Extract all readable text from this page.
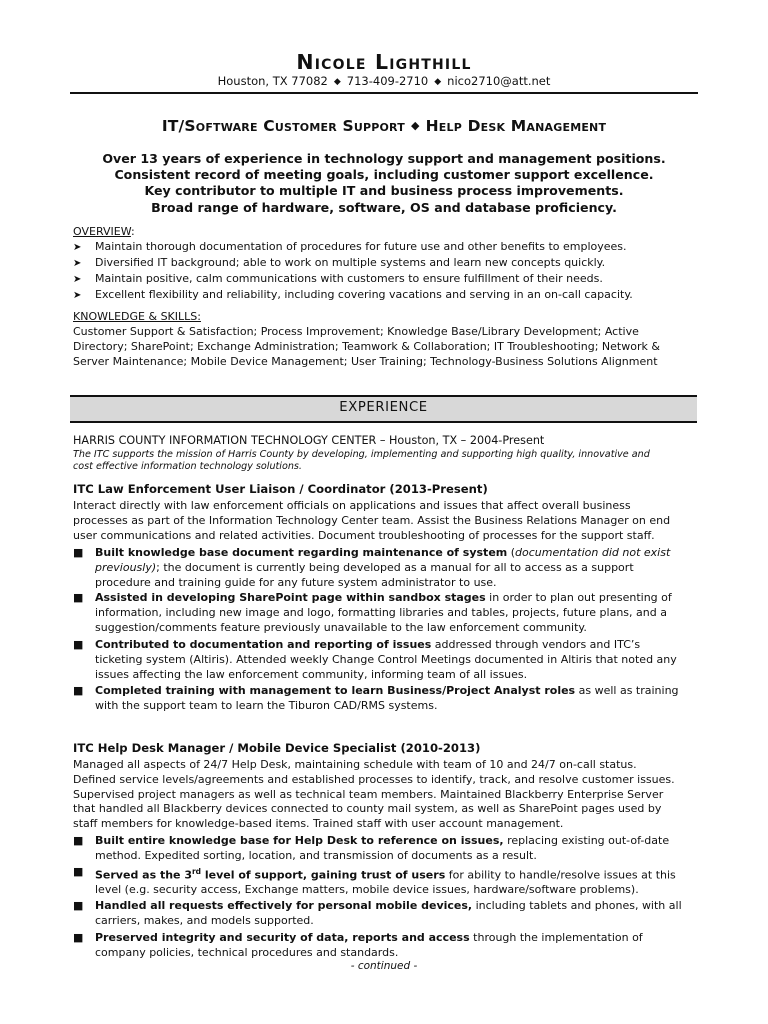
Nicole Lighthill
Houston, TX 77082 ◆ 713-409-2710 ◆ nico2710@att.net
IT/Software Customer Support ◆ Help Desk Management
Over 13 years of experience in technology support and management positions.
Consistent record of meeting goals, including customer support excellence.
Key contributor to multiple IT and business process improvements.
Broad range of hardware, software, OS and database proficiency.
OVERVIEW:
➤ Maintain thorough documentation of procedures for future use and other benefits to employees.
➤ Diversified IT background; able to work on multiple systems and learn new concepts quickly.
➤ Maintain positive, calm communications with customers to ensure fulfillment of their needs.
➤ Excellent flexibility and reliability, including covering vacations and serving in an on-call capacity.
KNOWLEDGE & SKILLS:
Customer Support & Satisfaction; Process Improvement; Knowledge Base/Library Development; Active
Directory; SharePoint; Exchange Administration; Teamwork & Collaboration; IT Troubleshooting; Network &
Server Maintenance; Mobile Device Management; User Training; Technology-Business Solutions Alignment
EXPERIENCE
HARRIS COUNTY INFORMATION TECHNOLOGY CENTER – Houston, TX – 2004-Present
The ITC supports the mission of Harris County by developing, implementing and supporting high quality, innovative and
cost effective information technology solutions.
ITC Law Enforcement User Liaison / Coordinator (2013-Present)
Interact directly with law enforcement officials on applications and issues that affect overall business
processes as part of the Information Technology Center team. Assist the Business Relations Manager on end
user communications and related activities. Document troubleshooting of processes for the support staff.
■	Built knowledge base document regarding maintenance of system (documentation did not exist
previously); the document is currently being developed as a manual for all to access as a support
procedure and training guide for any future system administrator to use.
■	Assisted in developing SharePoint page within sandbox stages in order to plan out presenting of
information, including new image and logo, formatting libraries and tables, projects, future plans, and a
suggestion/comments feature previously unavailable to the law enforcement community.
■	Contributed to documentation and reporting of issues addressed through vendors and ITC’s
ticketing system (Altiris). Attended weekly Change Control Meetings documented in Altiris that noted any
issues affecting the law enforcement community, informing team of all issues.
■	Completed training with management to learn Business/Project Analyst roles as well as training
with the support team to learn the Tiburon CAD/RMS systems.
ITC Help Desk Manager / Mobile Device Specialist (2010-2013)
Managed all aspects of 24/7 Help Desk, maintaining schedule with team of 10 and 24/7 on-call status.
Defined service levels/agreements and established processes to identify, track, and resolve customer issues.
Supervised project managers as well as technical team members. Maintained Blackberry Enterprise Server
that handled all Blackberry devices connected to county mail system, as well as SharePoint pages used by
staff members for knowledge-based items. Trained staff with user account management.
■	Built entire knowledge base for Help Desk to reference on issues, replacing existing out-of-date
method. Expedited sorting, location, and transmission of documents as a result.
■	Served as the 3rd level of support, gaining trust of users for ability to handle/resolve issues at this
level (e.g. security access, Exchange matters, mobile device issues, hardware/software problems).
■	Handled all requests effectively for personal mobile devices, including tablets and phones, with all
carriers, makes, and models supported.
■	Preserved integrity and security of data, reports and access through the implementation of
company policies, technical procedures and standards.
- continued -
